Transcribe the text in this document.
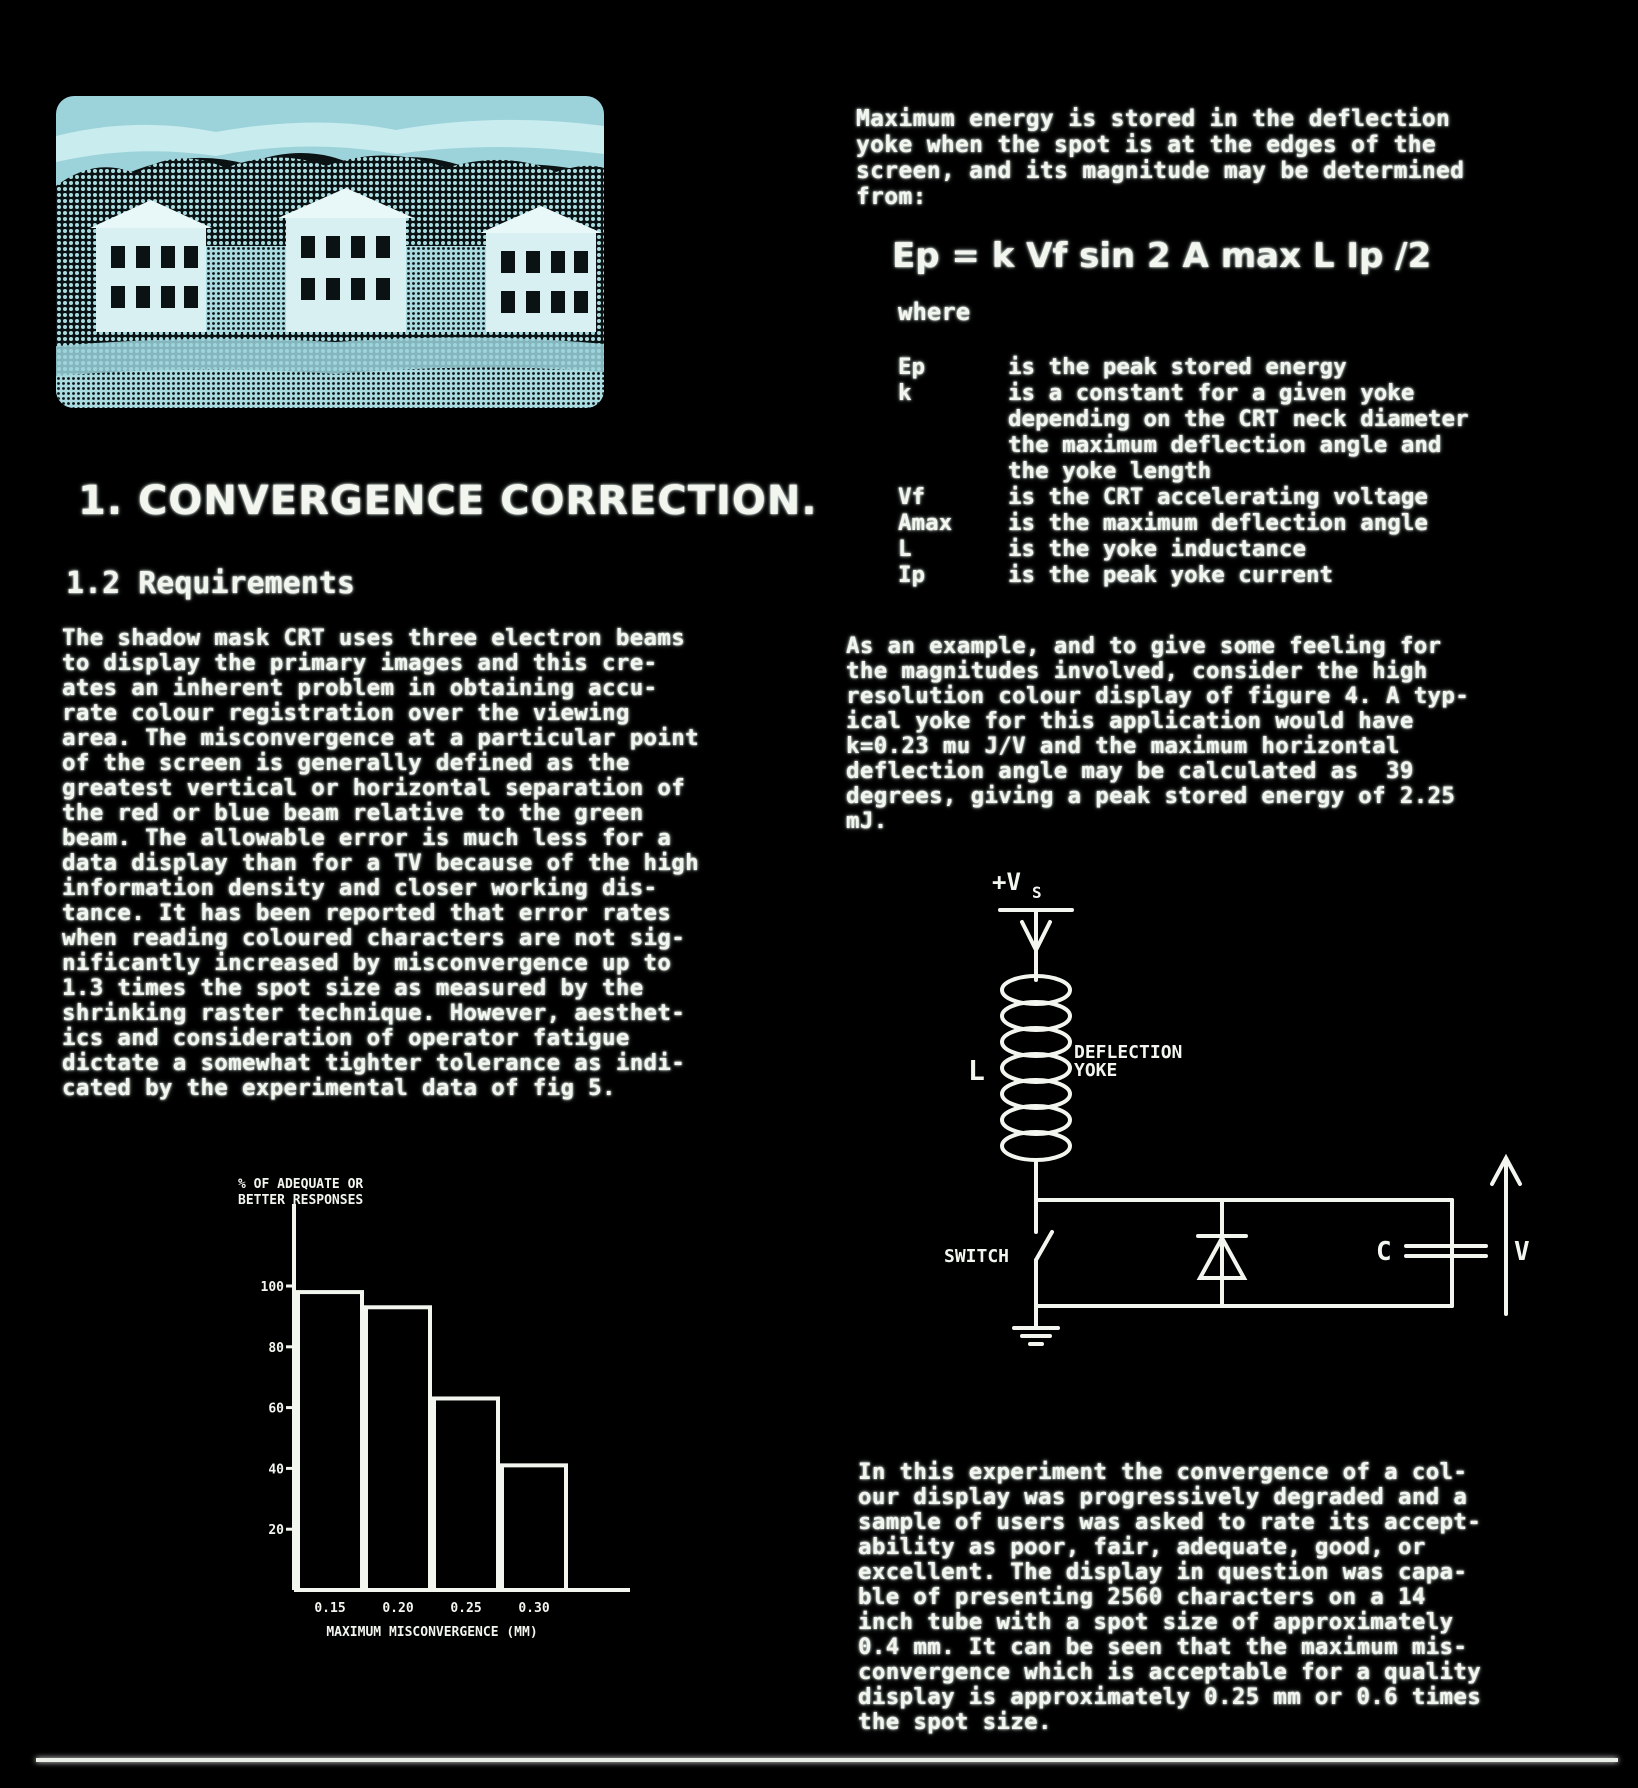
1. CONVERGENCE CORRECTION.
1.2 Requirements
The shadow mask CRT uses three electron beams
to display the primary images and this cre-
ates an inherent problem in obtaining accu-
rate colour registration over the viewing
area. The misconvergence at a particular point
of the screen is generally defined as the
greatest vertical or horizontal separation of
the red or blue beam relative to the green
beam. The allowable error is much less for a
data display than for a TV because of the high
information density and closer working dis-
tance. It has been reported that error rates
when reading coloured characters are not sig-
nificantly increased by misconvergence up to
1.3 times the spot size as measured by the
shrinking raster technique. However, aesthet-
ics and consideration of operator fatigue
dictate a somewhat tighter tolerance as indi-
cated by the experimental data of fig 5.
% OF ADEQUATE OR BETTER RESPONSES
100
80
60
40
20
0.15	0.20	0.25	0.30
MAXIMUM MISCONVERGENCE (MM)
Maximum energy is stored in the deflection
yoke when the spot is at the edges of the
screen, and its magnitude may be determined
from:
Ep = k Vf sin 2 A max L Ip /2
where
Ep	is the peak stored energy
k	is a constant for a given yoke
depending on the CRT neck diameter
the maximum deflection angle and
the yoke length
Vf	is the CRT accelerating voltage
Amax	is the maximum deflection angle
L	is the yoke inductance
Ip	is the peak yoke current
As an example, and to give some feeling for
the magnitudes involved, consider the high
resolution colour display of figure 4. A typ-
ical yoke for this application would have
k=0.23 mu J/V and the maximum horizontal
deflection angle may be calculated as  39
degrees, giving a peak stored energy of 2.25
mJ.
+V S
L
DEFLECTION
YOKE
SWITCH	C	V
In this experiment the convergence of a col-
our display was progressively degraded and a
sample of users was asked to rate its accept-
ability as poor, fair, adequate, good, or
excellent. The display in question was capa-
ble of presenting 2560 characters on a 14
inch tube with a spot size of approximately
0.4 mm. It can be seen that the maximum mis-
convergence which is acceptable for a quality
display is approximately 0.25 mm or 0.6 times
the spot size.
